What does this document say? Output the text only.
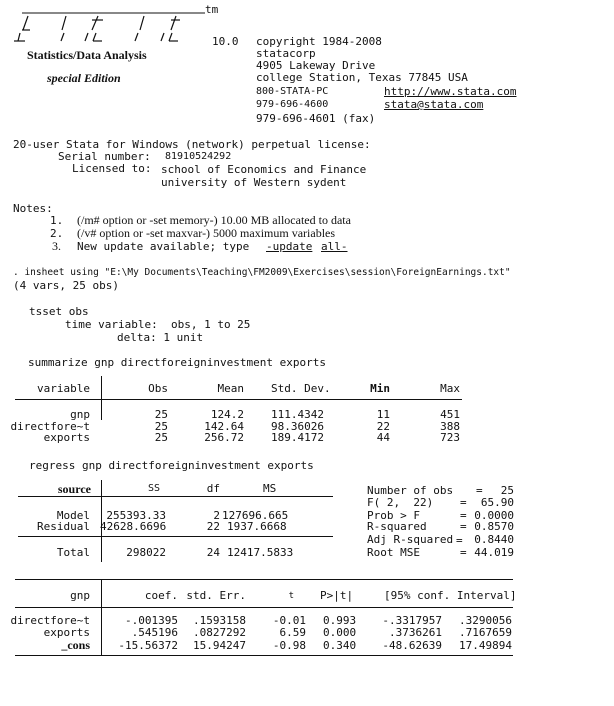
tm
Statistics/Data Analysis
special Edition
10.0 copyright 1984-2008
statacorp
4905 Lakeway Drive
college Station, Texas 77845 USA
800-STATA-PC	http://www.stata.com
979-696-4600	stata@stata.com
979-696-4601 (fax)
20-user Stata for Windows (network) perpetual license:
Serial number: 81910524292
Licensed to: school of Economics and Finance
university of Western sydent
Notes:
1. (/m# option or -set memory-) 10.00 MB allocated to data
2. (/v# option or -set maxvar-) 5000 maximum variables
3. New update available; type -update all-
. insheet using "E:\My Documents\Teaching\FM2009\Exercises\session\ForeignEarnings.txt"
(4 vars, 25 obs)
tsset obs
time variable:  obs, 1 to 25
delta: 1 unit
summarize gnp directforeigninvestment exports
variable	Obs	Mean Std. Dev.	Min	Max
gnp	25	124.2 111.4342	11	451
directfore~t	25	142.64 98.36026	22	388
exports	25	256.72 189.4172	44	723
regress gnp directforeigninvestment exports
source	SS	df	MS
Model	255393.33	2 127696.665
Residual 42628.6696	22 1937.6668
Total	298022	24 12417.5833
Number of obs =	25
F( 2,  22) =	65.90
Prob > F	= 0.0000
R-squared	= 0.8570
Adj R-squared =	0.8440
Root MSE	= 44.019
gnp	coef. std. Err.	t P>|t|	[95% conf. Interval]
directfore~t	-.001395	.1593158	-0.01 0.993	-.3317957	.3290056
exports	.545196	.0827292	6.59 0.000	.3736261	.7167659
_cons	-15.56372	15.94247	-0.98 0.340	-48.62639	17.49894
